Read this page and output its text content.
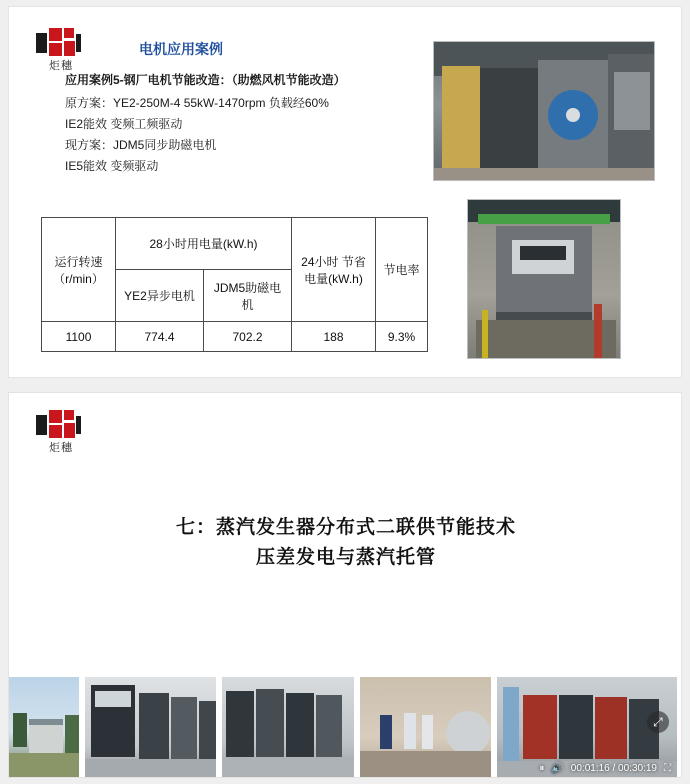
炬穗
电机应用案例
应用案例5-钢厂电机节能改造：（助燃风机节能改造）
原方案：YE2-250M-4 55kW-1470rpm 负载经60%
IE2能效 变频工频驱动
现方案：JDM5同步助磁电机
IE5能效 变频驱动
运行转速
（r/min）	28小时用电量(kW.h)		24小时 节省电量(kW.h)	节电率
	YE2异步电机	JDM5助磁电机		
1100	774.4	702.2	188	9.3%
炬穗
七：蒸汽发生器分布式二联供节能技术
压差发电与蒸汽托管
⤢
⏸ 🔊 00:01:16 / 00:30:19 ⛶
